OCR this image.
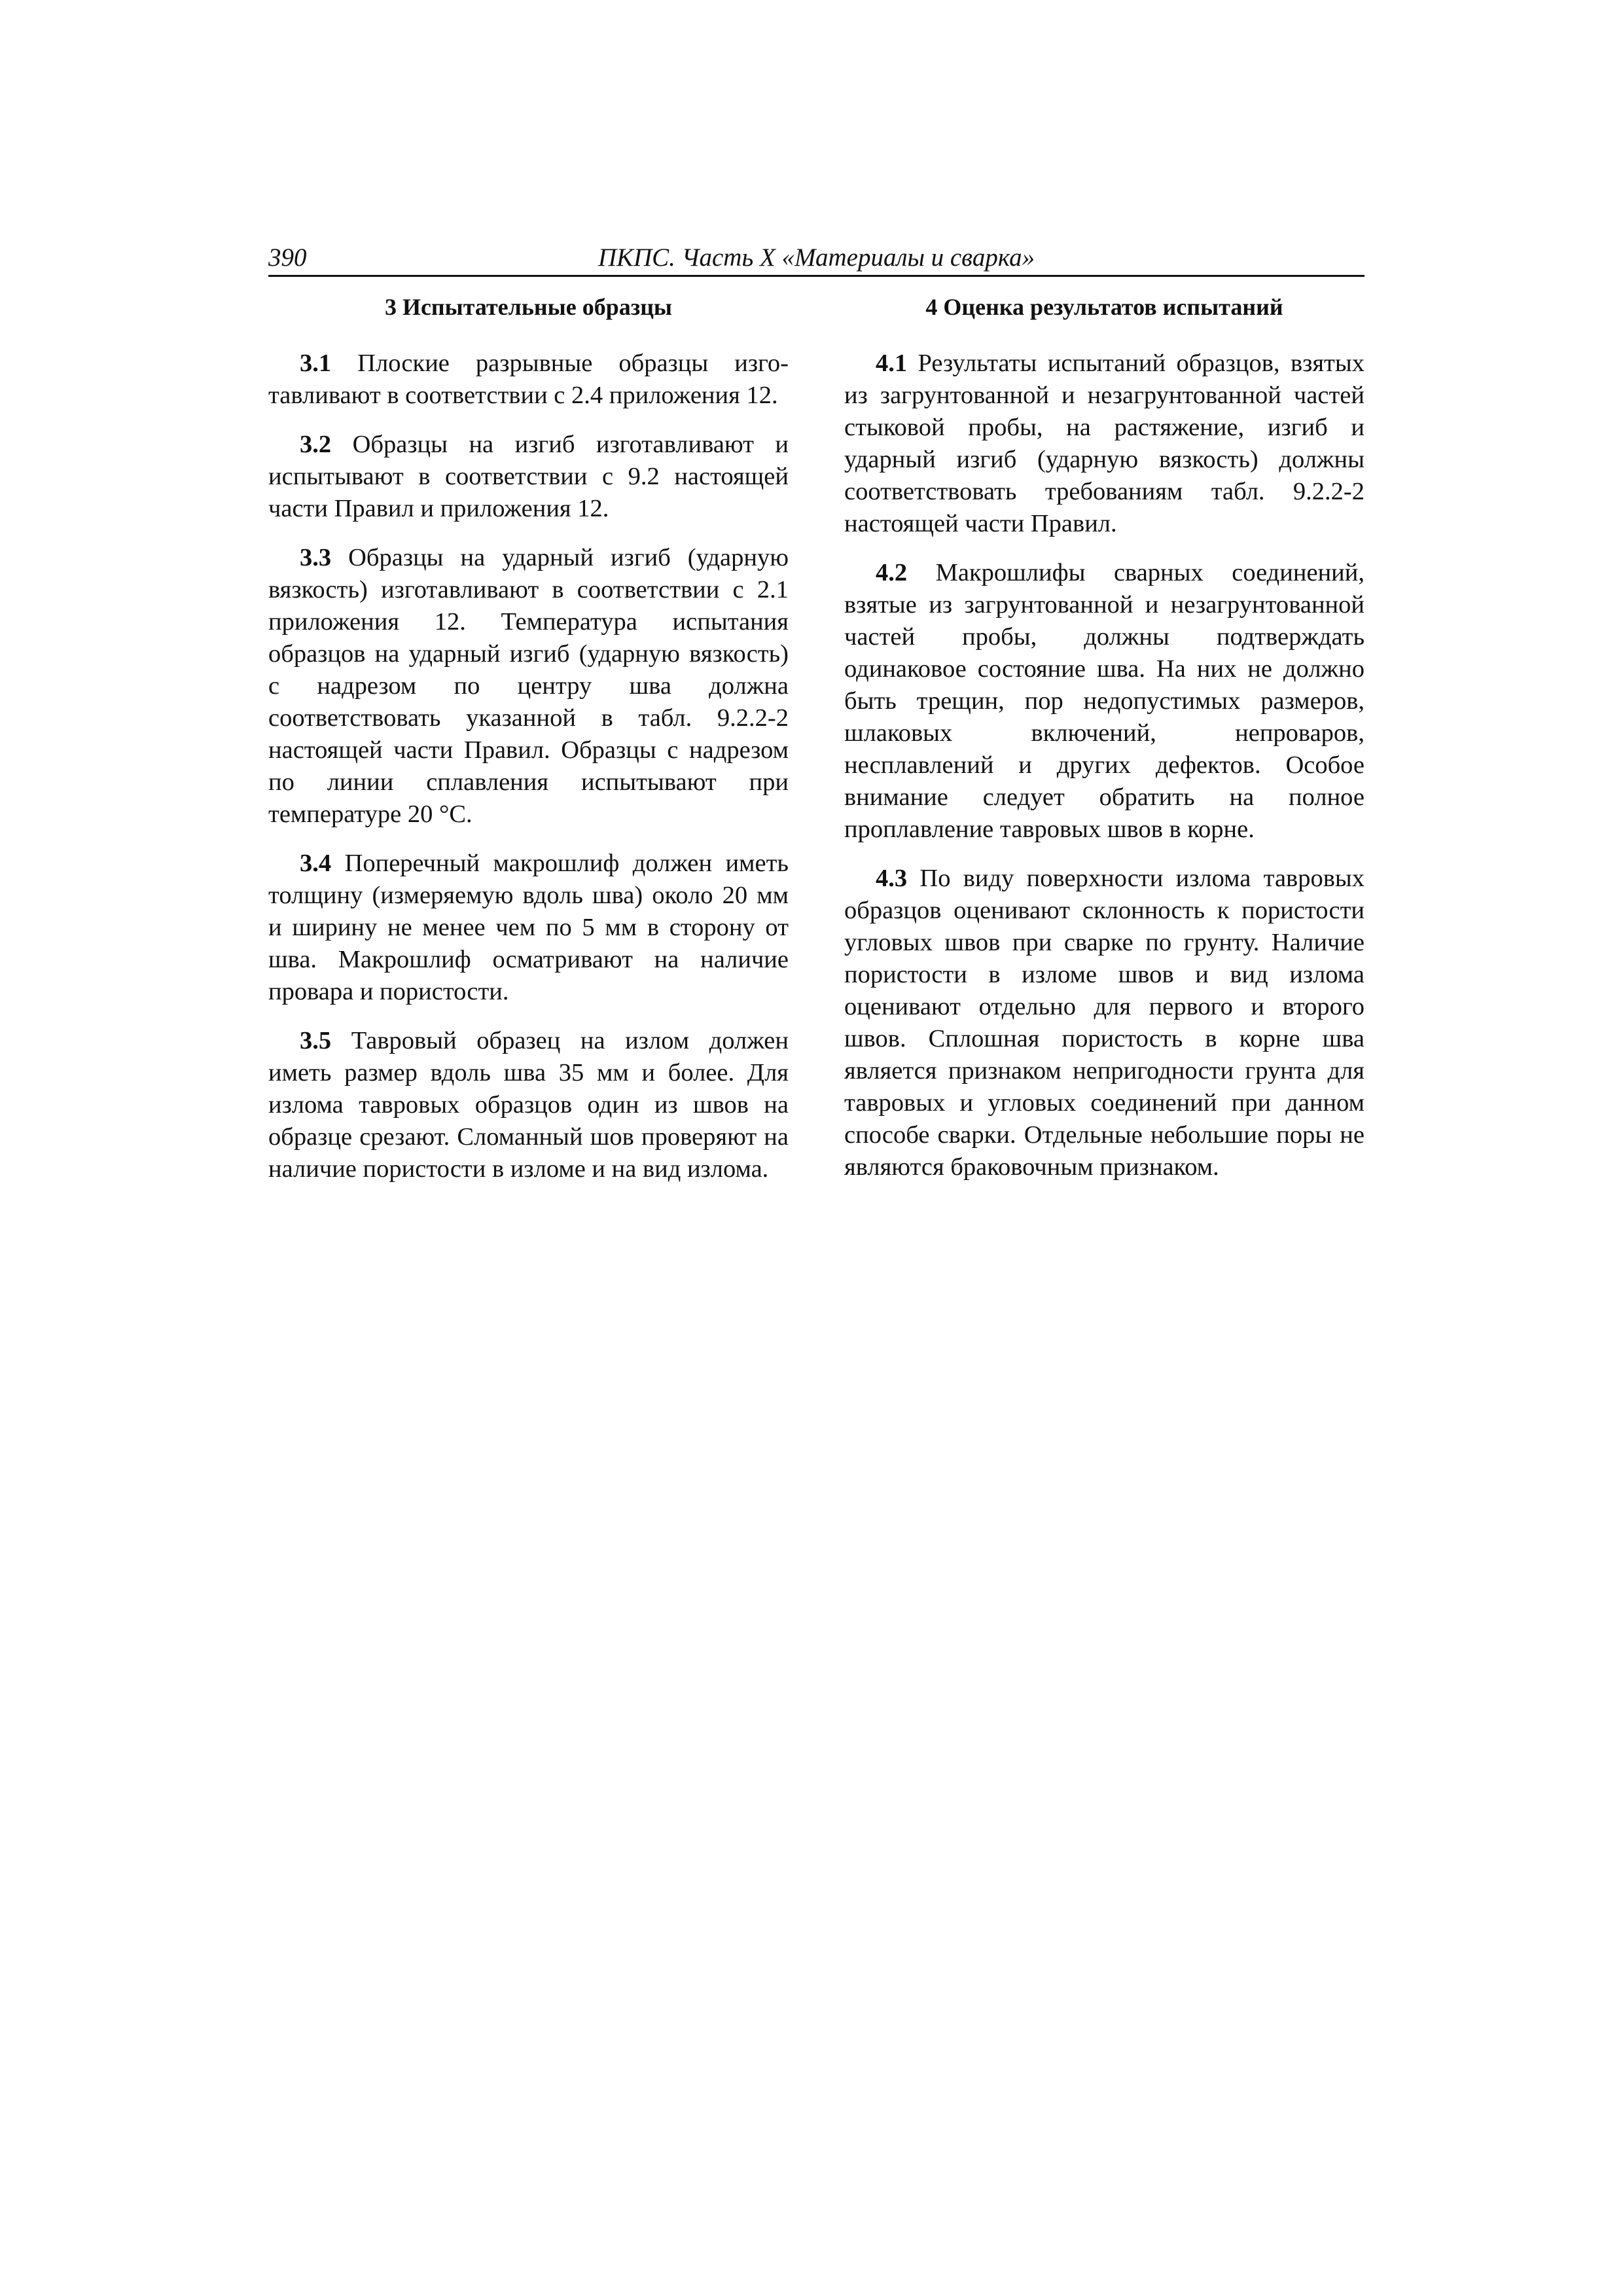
390	ПКПС. Часть X «Материалы и сварка»
3 Испытательные образцы

3.1 Плоские разрывные образцы изготавливают в соответствии с 2.4 приложения 12.

3.2 Образцы на изгиб изготавливают и испытывают в соответствии с 9.2 настоящей части Правил и приложения 12.

3.3 Образцы на ударный изгиб (ударную вязкость) изготавливают в соответствии с 2.1 приложения 12. Температура испытания образцов на ударный изгиб (ударную вязкость) с надрезом по центру шва должна соответствовать указанной в табл. 9.2.2-2 настоящей части Правил. Образцы с надрезом по линии сплавления испытывают при температуре 20 °С.

3.4 Поперечный макрошлиф должен иметь толщину (измеряемую вдоль шва) около 20 мм и ширину не менее чем по 5 мм в сторону от шва. Макрошлиф осматривают на наличие провара и пористости.

3.5 Тавровый образец на излом должен иметь размер вдоль шва 35 мм и более. Для излома тавровых образцов один из швов на образце срезают. Сломанный шов проверяют на наличие пористости в изломе и на вид излома.

4 Оценка результатов испытаний

4.1 Результаты испытаний образцов, взятых из загрунтованной и незагрунтованной частей стыковой пробы, на растяжение, изгиб и ударный изгиб (ударную вязкость) должны соответствовать требованиям табл. 9.2.2-2 настоящей части Правил.

4.2 Макрошлифы сварных соединений, взятые из загрунтованной и незагрунтованной частей пробы, должны подтверждать одинаковое состояние шва. На них не должно быть трещин, пор недопустимых размеров, шлаковых включений, непроваров, несплавлений и других дефектов. Особое внимание следует обратить на полное проплавление тавровых швов в корне.

4.3 По виду поверхности излома тавровых образцов оценивают склонность к пористости угловых швов при сварке по грунту. Наличие пористости в изломе швов и вид излома оценивают отдельно для первого и второго швов. Сплошная пористость в корне шва является признаком непригодности грунта для тавровых и угловых соединений при данном способе сварки. Отдельные небольшие поры не являются браковочным признаком.
